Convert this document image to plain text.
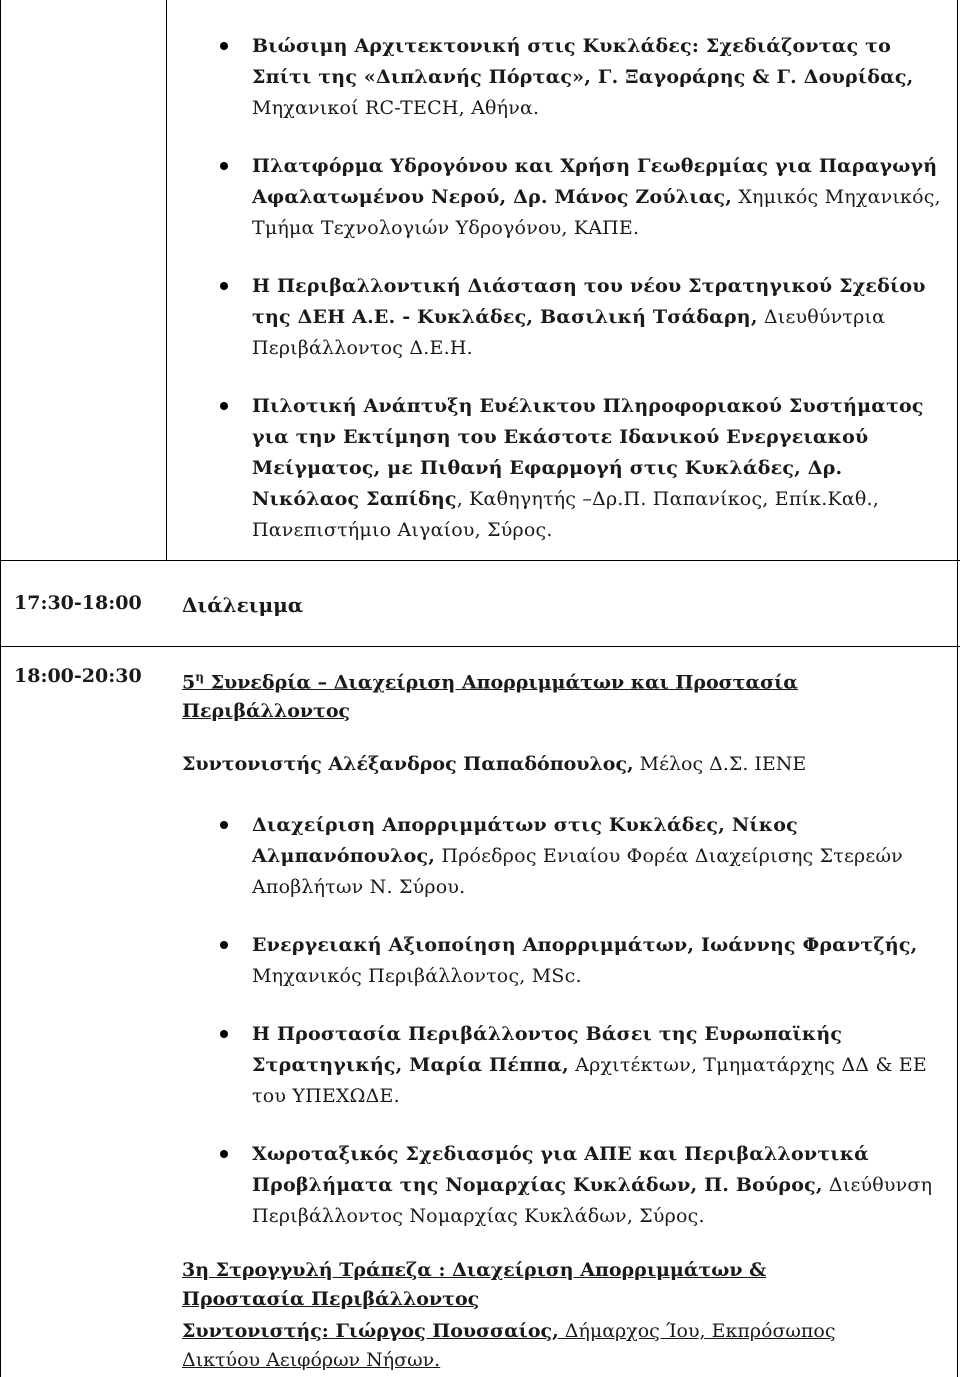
Βιώσιμη Αρχιτεκτονική στις Κυκλάδες: Σχεδιάζοντας το Σπίτι της «Διπλανής Πόρτας», Γ. Ξαγοράρης & Γ. Δουρίδας, Μηχανικοί RC-TECH, Αθήνα.
Πλατφόρμα Υδρογόνου και Χρήση Γεωθερμίας για Παραγωγή Αφαλατωμένου Νερού, Δρ. Μάνος Ζούλιας, Χημικός Μηχανικός, Τμήμα Τεχνολογιών Υδρογόνου, ΚΑΠΕ.
Η Περιβαλλοντική Διάσταση του νέου Στρατηγικού Σχεδίου της ΔΕΗ Α.Ε. - Κυκλάδες, Βασιλική Τσάδαρη, Διευθύντρια Περιβάλλοντος Δ.Ε.Η.
Πιλοτική Ανάπτυξη Ευέλικτου Πληροφοριακού Συστήματος για την Εκτίμηση του Εκάστοτε Ιδανικού Ενεργειακού Μείγματος, με Πιθανή Εφαρμογή στις Κυκλάδες, Δρ. Νικόλαος Σαπίδης, Καθηγητής –Δρ.Π. Παπανίκος, Επίκ.Καθ., Πανεπιστήμιο Αιγαίου, Σύρος.
17:30-18:00 Διάλειμμα
18:00-20:30 $5^\eta$ Συνεδρία – Διαχείριση Απορριμμάτων και Προστασία Περιβάλλοντος
Συντονιστής Αλέξανδρος Παπαδόπουλος, Μέλος Δ.Σ. ΙΕΝΕ
Διαχείριση Απορριμμάτων στις Κυκλάδες, Νίκος Αλμπανόπουλος, Πρόεδρος Ενιαίου Φορέα Διαχείρισης Στερεών Αποβλήτων Ν. Σύρου.
Ενεργειακή Αξιοποίηση Απορριμμάτων, Ιωάννης Φραντζής, Μηχανικός Περιβάλλοντος, MSc.
Η Προστασία Περιβάλλοντος Βάσει της Ευρωπαϊκής Στρατηγικής, Μαρία Πέππα, Αρχιτέκτων, Τμηματάρχης ΔΔ & ΕΕ του ΥΠΕΧΩΔΕ.
Χωροταξικός Σχεδιασμός για ΑΠΕ και Περιβαλλοντικά Προβλήματα της Νομαρχίας Κυκλάδων, Π. Βούρος, Διεύθυνση Περιβάλλοντος Νομαρχίας Κυκλάδων, Σύρος.
3η Στρογγυλή Τράπεζα : Διαχείριση Απορριμμάτων & Προστασία Περιβάλλοντος
Συντονιστής: Γιώργος Πουσσαίος, Δήμαρχος Ίου, Εκπρόσωπος Δικτύου Αειφόρων Νήσων.
